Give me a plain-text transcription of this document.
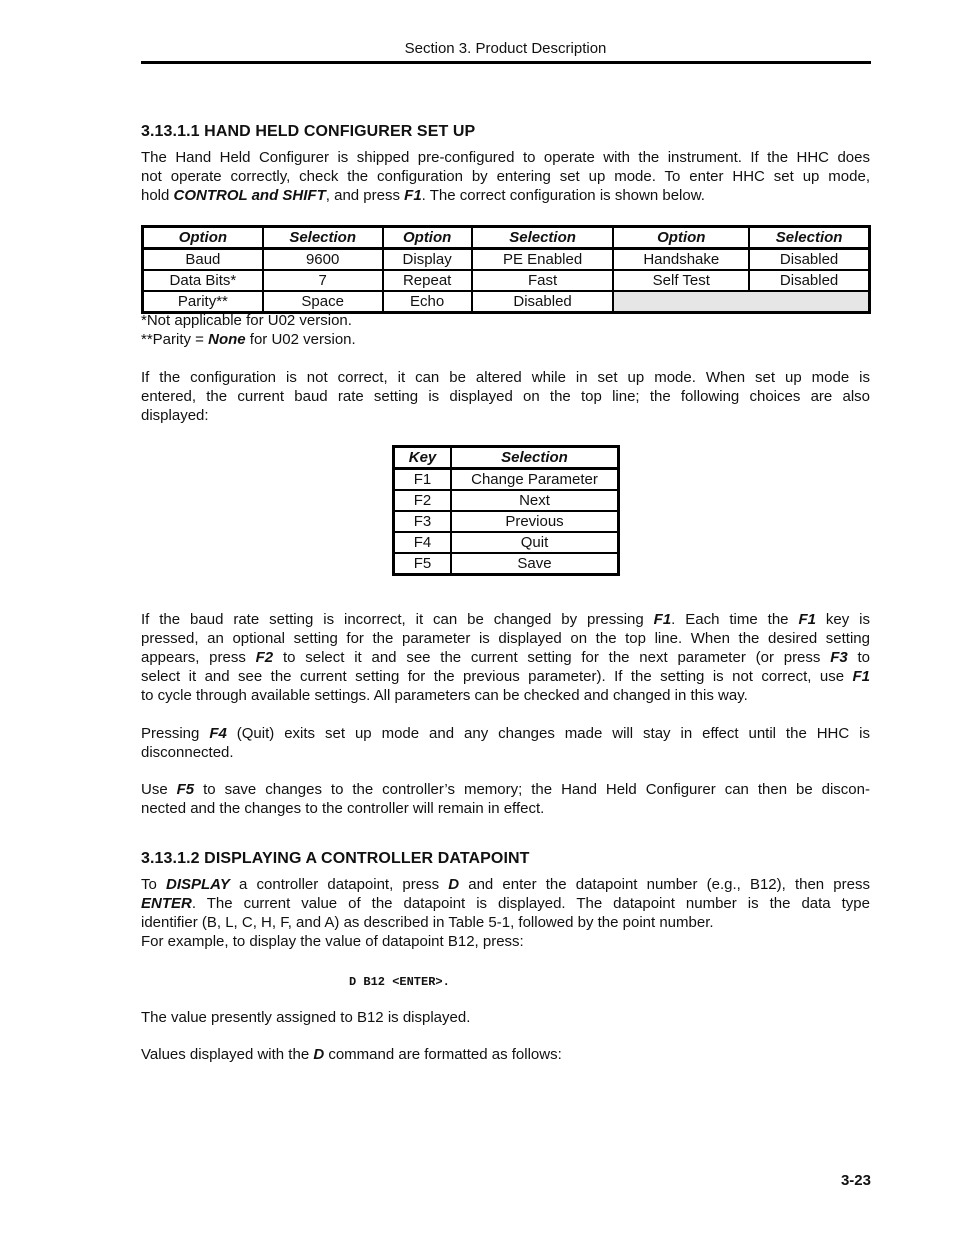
Section 3. Product Description
3.13.1.1 HAND HELD CONFIGURER SET UP
The Hand Held Configurer is shipped pre-configured to operate with the instrument. If the HHC does
not operate correctly, check the configuration by entering set up mode. To enter HHC set up mode,
hold CONTROL and SHIFT, and press F1. The correct configuration is shown below.
Option	Selection	Option	Selection	Option	Selection
Baud	9600	Display	PE Enabled	Handshake	Disabled
Data Bits*	7	Repeat	Fast	Self Test	Disabled
Parity**	Space	Echo	Disabled		
*Not applicable for U02 version.
**Parity = None for U02 version.
If the configuration is not correct, it can be altered while in set up mode. When set up mode is
entered, the current baud rate setting is displayed on the top line; the following choices are also
displayed:
Key	Selection
F1	Change Parameter
F2	Next
F3	Previous
F4	Quit
F5	Save
If the baud rate setting is incorrect, it can be changed by pressing F1. Each time the F1 key is
pressed, an optional setting for the parameter is displayed on the top line. When the desired setting
appears, press F2 to select it and see the current setting for the next parameter (or press F3 to
select it and see the current setting for the previous parameter). If the setting is not correct, use F1
to cycle through available settings. All parameters can be checked and changed in this way.
Pressing F4 (Quit) exits set up mode and any changes made will stay in effect until the HHC is
disconnected.
Use F5 to save changes to the controller’s memory; the Hand Held Configurer can then be discon-
nected and the changes to the controller will remain in effect.
3.13.1.2 DISPLAYING A CONTROLLER DATAPOINT
To DISPLAY a controller datapoint, press D and enter the datapoint number (e.g., B12), then press
ENTER. The current value of the datapoint is displayed. The datapoint number is the data type
identifier (B, L, C, H, F, and A) as described in Table 5-1, followed by the point number.
For example, to display the value of datapoint B12, press:
D B12 <ENTER>.
The value presently assigned to B12 is displayed.
Values displayed with the D command are formatted as follows:
3-23
